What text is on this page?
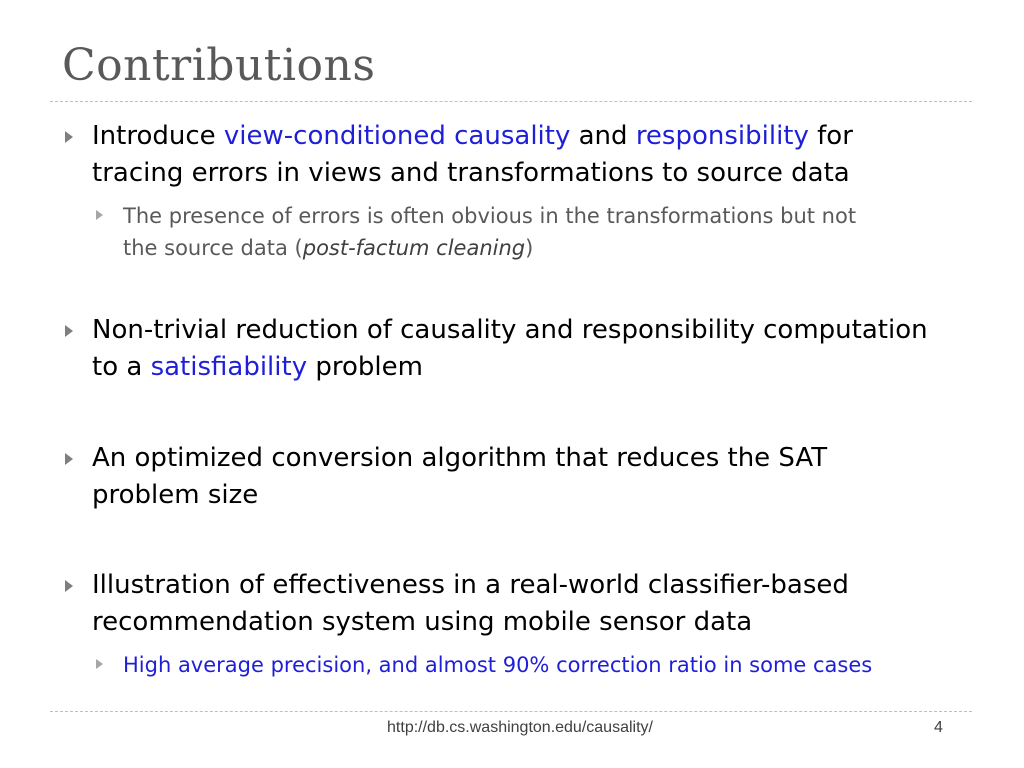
Contributions
Introduce view-conditioned causality and responsibility for
tracing errors in views and transformations to source data
The presence of errors is often obvious in the transformations but not
the source data (post-factum cleaning)
Non-trivial reduction of causality and responsibility computation
to a satisfiability problem
An optimized conversion algorithm that reduces the SAT
problem size
Illustration of effectiveness in a real-world classifier-based
recommendation system using mobile sensor data
High average precision, and almost 90% correction ratio in some cases
http://db.cs.washington.edu/causality/	4
